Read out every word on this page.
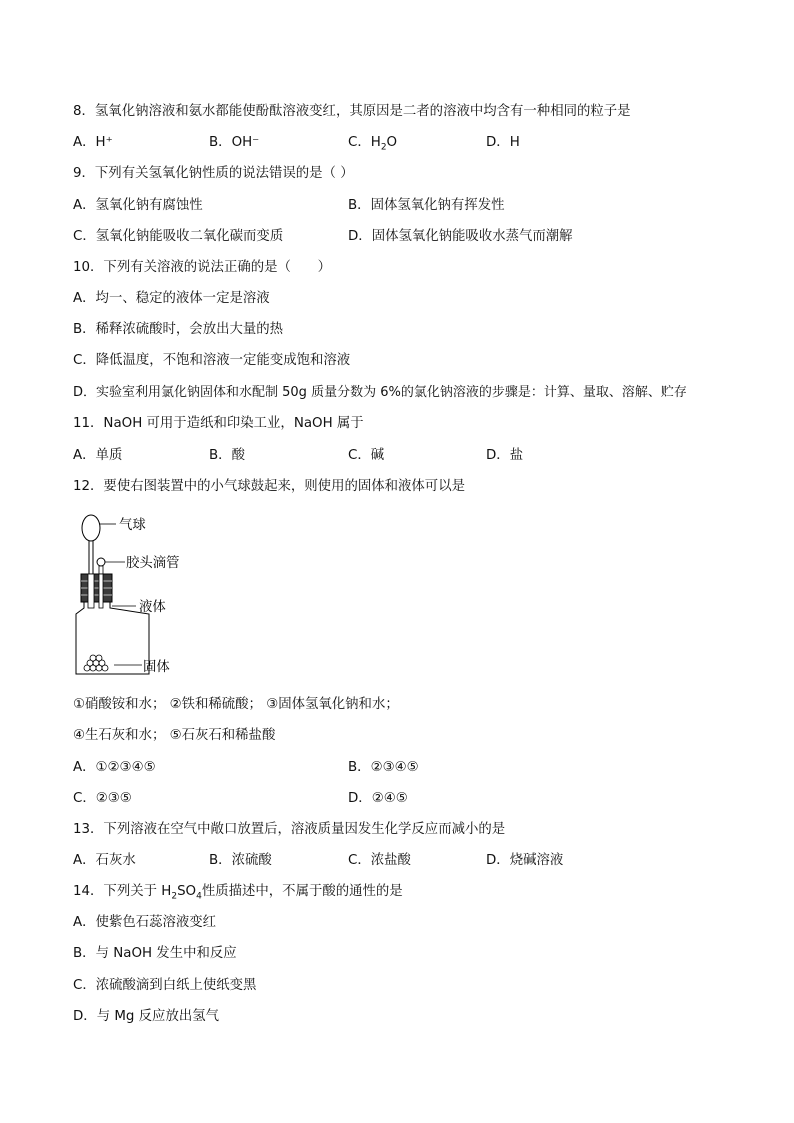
8．氢氧化钠溶液和氨水都能使酚酞溶液变红，其原因是二者的溶液中均含有一种相同的粒子是
A．H⁺	B．OH⁻	C．$H_2O$	D．H
9．下列有关氢氧化钠性质的说法错误的是（ ）
A．氢氧化钠有腐蚀性	B．固体氢氧化钠有挥发性
C．氢氧化钠能吸收二氧化碳而变质	D．固体氢氧化钠能吸收水蒸气而潮解
10．下列有关溶液的说法正确的是（　　）
A．均一、稳定的液体一定是溶液
B．稀释浓硫酸时，会放出大量的热
C．降低温度，不饱和溶液一定能变成饱和溶液
D．实验室利用氯化钠固体和水配制 50g 质量分数为 6%的氯化钠溶液的步骤是：计算、量取、溶解、贮存
11．NaOH 可用于造纸和印染工业，NaOH 属于
A．单质	B．酸	C．碱	D．盐
12．要使右图装置中的小气球鼓起来，则使用的固体和液体可以是
气球
胶头滴管
液体
固体
①硝酸铵和水； ②铁和稀硫酸； ③固体氢氧化钠和水；
④生石灰和水； ⑤石灰石和稀盐酸
A．①②③④⑤	B．②③④⑤
C．②③⑤	D．②④⑤
13．下列溶液在空气中敞口放置后，溶液质量因发生化学反应而减小的是
A．石灰水	B．浓硫酸	C．浓盐酸	D．烧碱溶液
14．下列关于 $H_2SO_4$性质描述中，不属于酸的通性的是
A．使紫色石蕊溶液变红
B．与 NaOH 发生中和反应
C．浓硫酸滴到白纸上使纸变黑
D．与 Mg 反应放出氢气
